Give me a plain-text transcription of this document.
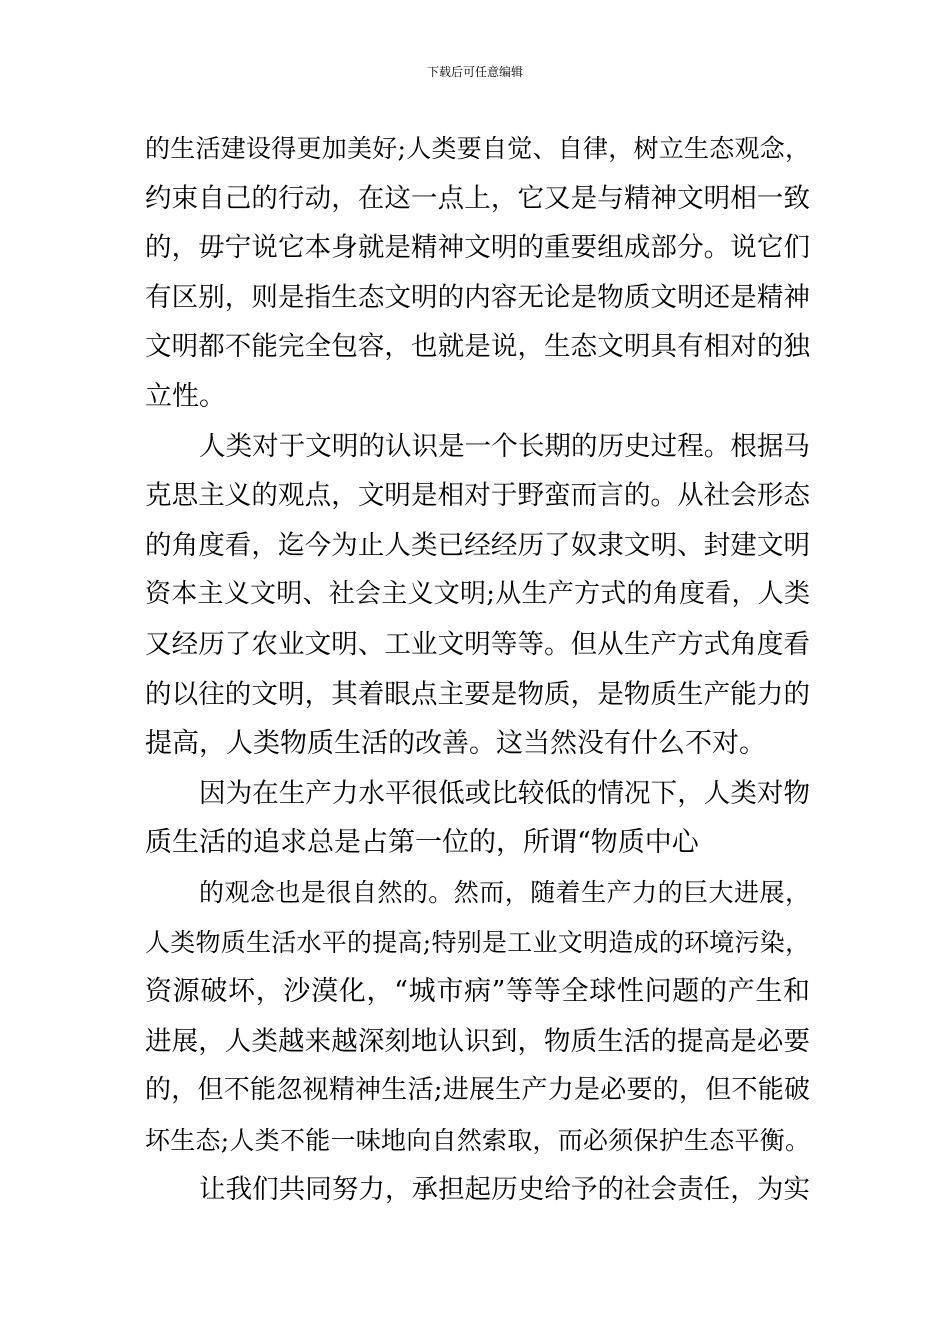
下载后可任意编辑
的生活建设得更加美好;人类要自觉、自律，树立生态观念，
约束自己的行动，在这一点上，它又是与精神文明相一致
的，毋宁说它本身就是精神文明的重要组成部分。说它们
有区别，则是指生态文明的内容无论是物质文明还是精神
文明都不能完全包容，也就是说，生态文明具有相对的独
立性。
人类对于文明的认识是一个长期的历史过程。根据马
克思主义的观点，文明是相对于野蛮而言的。从社会形态
的角度看，迄今为止人类已经经历了奴隶文明、封建文明
资本主义文明、社会主义文明;从生产方式的角度看，人类
又经历了农业文明、工业文明等等。但从生产方式角度看
的以往的文明，其着眼点主要是物质，是物质生产能力的
提高，人类物质生活的改善。这当然没有什么不对。
因为在生产力水平很低或比较低的情况下，人类对物
质生活的追求总是占第一位的，所谓“物质中心
的观念也是很自然的。然而，随着生产力的巨大进展，
人类物质生活水平的提高;特别是工业文明造成的环境污染，
资源破坏，沙漠化，“城市病”等等全球性问题的产生和
进展，人类越来越深刻地认识到，物质生活的提高是必要
的，但不能忽视精神生活;进展生产力是必要的，但不能破
坏生态;人类不能一味地向自然索取，而必须保护生态平衡。
让我们共同努力，承担起历史给予的社会责任，为实
